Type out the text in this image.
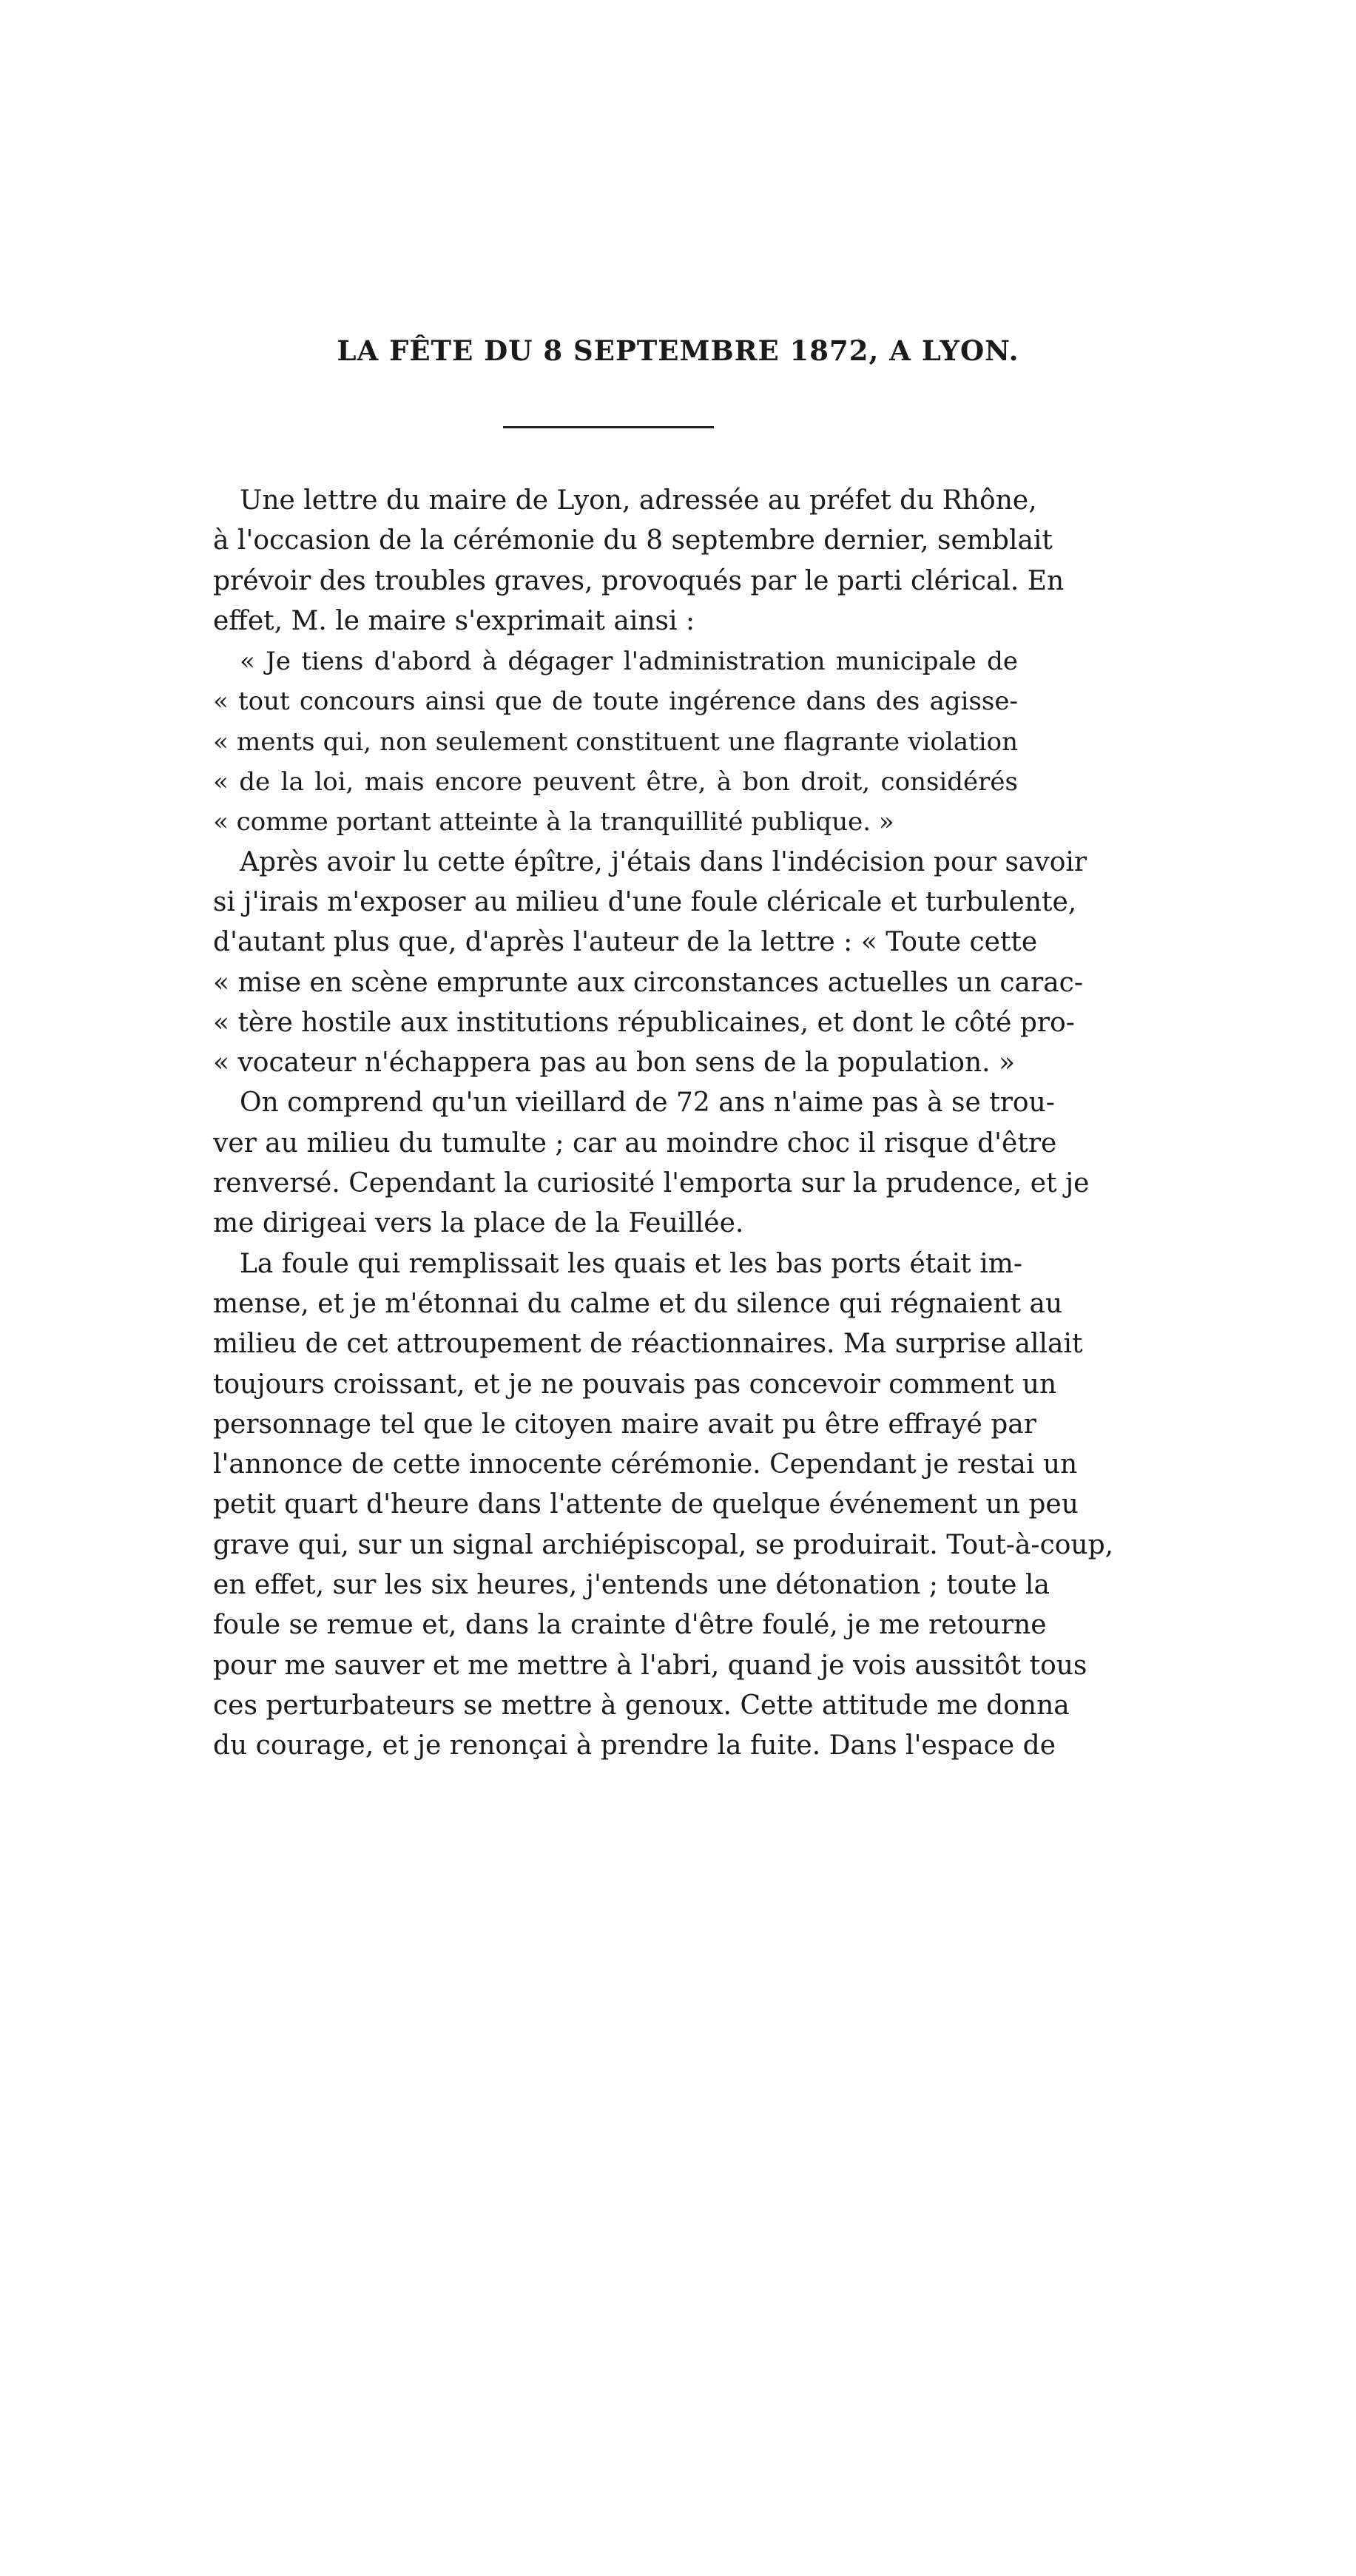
LA FÊTE DU 8 SEPTEMBRE 1872, A LYON.
Une lettre du maire de Lyon, adressée au préfet du Rhône,
à l'occasion de la cérémonie du 8 septembre dernier, semblait
prévoir des troubles graves, provoqués par le parti clérical. En
effet, M. le maire s'exprimait ainsi :
« Je tiens d'abord à dégager l'administration municipale de
« tout concours ainsi que de toute ingérence dans des agisse-
« ments qui, non seulement constituent une flagrante violation
« de la loi, mais encore peuvent être, à bon droit, considérés
« comme portant atteinte à la tranquillité publique. »
Après avoir lu cette épître, j'étais dans l'indécision pour savoir
si j'irais m'exposer au milieu d'une foule cléricale et turbulente,
d'autant plus que, d'après l'auteur de la lettre : « Toute cette
« mise en scène emprunte aux circonstances actuelles un carac-
« tère hostile aux institutions républicaines, et dont le côté pro-
« vocateur n'échappera pas au bon sens de la population. »
On comprend qu'un vieillard de 72 ans n'aime pas à se trou-
ver au milieu du tumulte ; car au moindre choc il risque d'être
renversé. Cependant la curiosité l'emporta sur la prudence, et je
me dirigeai vers la place de la Feuillée.
La foule qui remplissait les quais et les bas ports était im-
mense, et je m'étonnai du calme et du silence qui régnaient au
milieu de cet attroupement de réactionnaires. Ma surprise allait
toujours croissant, et je ne pouvais pas concevoir comment un
personnage tel que le citoyen maire avait pu être effrayé par
l'annonce de cette innocente cérémonie. Cependant je restai un
petit quart d'heure dans l'attente de quelque événement un peu
grave qui, sur un signal archiépiscopal, se produirait. Tout-à-coup,
en effet, sur les six heures, j'entends une détonation ; toute la
foule se remue et, dans la crainte d'être foulé, je me retourne
pour me sauver et me mettre à l'abri, quand je vois aussitôt tous
ces perturbateurs se mettre à genoux. Cette attitude me donna
du courage, et je renonçai à prendre la fuite. Dans l'espace de
